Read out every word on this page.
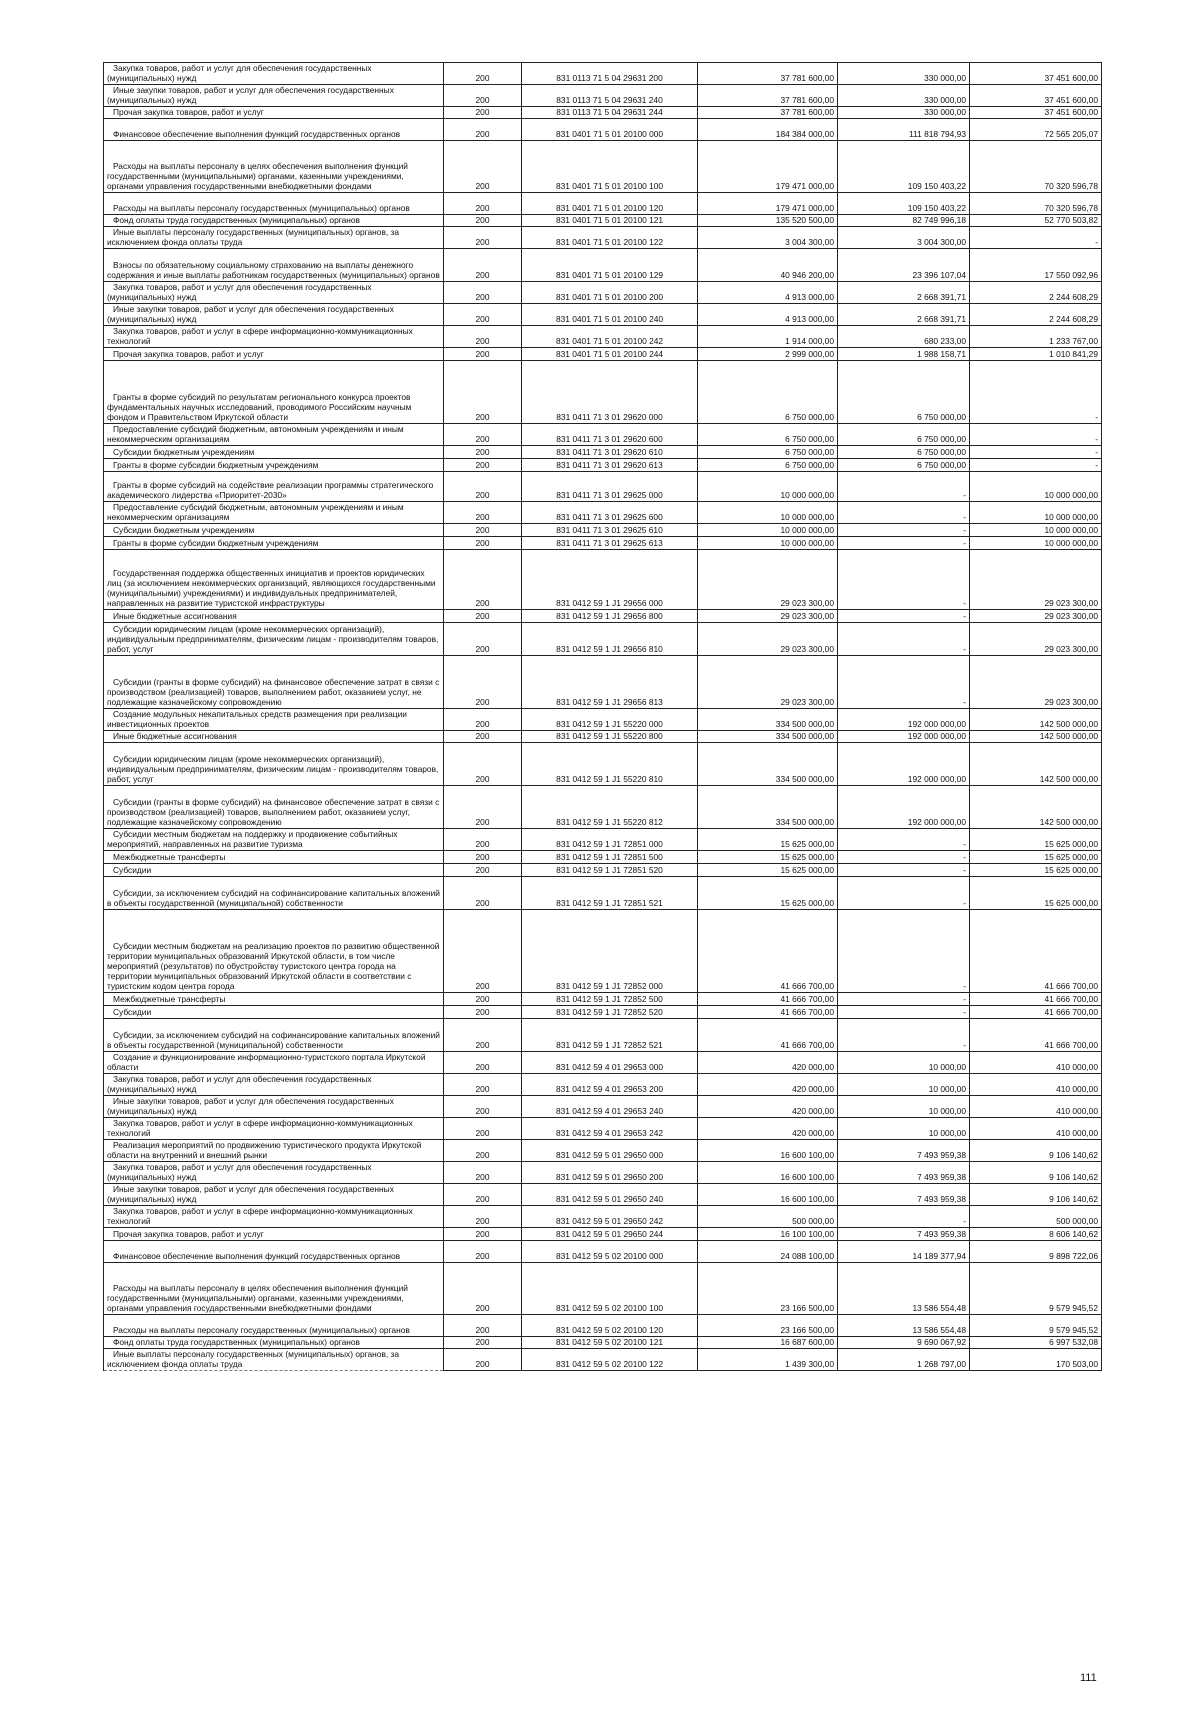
Закупка товаров, работ и услуг для обеспечения государственных (муниципальных) нужд	200	831 0113 71 5 04 29631 200	37 781 600,00	330 000,00	37 451 600,00
Иные закупки товаров, работ и услуг для обеспечения государственных (муниципальных) нужд	200	831 0113 71 5 04 29631 240	37 781 600,00	330 000,00	37 451 600,00
Прочая закупка товаров, работ и услуг	200	831 0113 71 5 04 29631 244	37 781 600,00	330 000,00	37 451 600,00
Финансовое обеспечение выполнения функций государственных органов	200	831 0401 71 5 01 20100 000	184 384 000,00	111 818 794,93	72 565 205,07
Расходы на выплаты персоналу в целях обеспечения выполнения функций государственными (муниципальными) органами, казенными учреждениями, органами управления государственными внебюджетными фондами	200	831 0401 71 5 01 20100 100	179 471 000,00	109 150 403,22	70 320 596,78
Расходы на выплаты персоналу государственных (муниципальных) органов	200	831 0401 71 5 01 20100 120	179 471 000,00	109 150 403,22	70 320 596,78
Фонд оплаты труда государственных (муниципальных) органов	200	831 0401 71 5 01 20100 121	135 520 500,00	82 749 996,18	52 770 503,82
Иные выплаты персоналу государственных (муниципальных) органов, за исключением фонда оплаты труда	200	831 0401 71 5 01 20100 122	3 004 300,00	3 004 300,00	-
Взносы по обязательному социальному страхованию на выплаты денежного содержания и иные выплаты работникам государственных (муниципальных) органов	200	831 0401 71 5 01 20100 129	40 946 200,00	23 396 107,04	17 550 092,96
Закупка товаров, работ и услуг для обеспечения государственных (муниципальных) нужд	200	831 0401 71 5 01 20100 200	4 913 000,00	2 668 391,71	2 244 608,29
Иные закупки товаров, работ и услуг для обеспечения государственных (муниципальных) нужд	200	831 0401 71 5 01 20100 240	4 913 000,00	2 668 391,71	2 244 608,29
Закупка товаров, работ и услуг в сфере информационно-коммуникационных технологий	200	831 0401 71 5 01 20100 242	1 914 000,00	680 233,00	1 233 767,00
Прочая закупка товаров, работ и услуг	200	831 0401 71 5 01 20100 244	2 999 000,00	1 988 158,71	1 010 841,29
Гранты в форме субсидий по результатам регионального конкурса проектов фундаментальных научных исследований, проводимого Российским научным фондом и Правительством Иркутской области	200	831 0411 71 3 01 29620 000	6 750 000,00	6 750 000,00	-
Предоставление субсидий бюджетным, автономным учреждениям и иным некоммерческим организациям	200	831 0411 71 3 01 29620 600	6 750 000,00	6 750 000,00	-
Субсидии бюджетным учреждениям	200	831 0411 71 3 01 29620 610	6 750 000,00	6 750 000,00	-
Гранты в форме субсидии бюджетным учреждениям	200	831 0411 71 3 01 29620 613	6 750 000,00	6 750 000,00	-
Гранты в форме субсидий на содействие реализации программы стратегического академического лидерства «Приоритет-2030»	200	831 0411 71 3 01 29625 000	10 000 000,00	-	10 000 000,00
Предоставление субсидий бюджетным, автономным учреждениям и иным некоммерческим организациям	200	831 0411 71 3 01 29625 600	10 000 000,00	-	10 000 000,00
Субсидии бюджетным учреждениям	200	831 0411 71 3 01 29625 610	10 000 000,00	-	10 000 000,00
Гранты в форме субсидии бюджетным учреждениям	200	831 0411 71 3 01 29625 613	10 000 000,00	-	10 000 000,00
Государственная поддержка общественных инициатив и проектов юридических лиц (за исключением некоммерческих организаций, являющихся государственными (муниципальными) учреждениями) и индивидуальных предпринимателей, направленных на развитие туристской инфраструктуры	200	831 0412 59 1 J1 29656 000	29 023 300,00	-	29 023 300,00
Иные бюджетные ассигнования	200	831 0412 59 1 J1 29656 800	29 023 300,00	-	29 023 300,00
Субсидии юридическим лицам (кроме некоммерческих организаций), индивидуальным предпринимателям, физическим лицам - производителям товаров, работ, услуг	200	831 0412 59 1 J1 29656 810	29 023 300,00	-	29 023 300,00
Субсидии (гранты в форме субсидий) на финансовое обеспечение затрат в связи с производством (реализацией) товаров, выполнением работ, оказанием услуг, не подлежащие казначейскому сопровождению	200	831 0412 59 1 J1 29656 813	29 023 300,00	-	29 023 300,00
Создание модульных некапитальных средств размещения при реализации инвестиционных проектов	200	831 0412 59 1 J1 55220 000	334 500 000,00	192 000 000,00	142 500 000,00
Иные бюджетные ассигнования	200	831 0412 59 1 J1 55220 800	334 500 000,00	192 000 000,00	142 500 000,00
Субсидии юридическим лицам (кроме некоммерческих организаций), индивидуальным предпринимателям, физическим лицам - производителям товаров, работ, услуг	200	831 0412 59 1 J1 55220 810	334 500 000,00	192 000 000,00	142 500 000,00
Субсидии (гранты в форме субсидий) на финансовое обеспечение затрат в связи с производством (реализацией) товаров, выполнением работ, оказанием услуг, подлежащие казначейскому сопровождению	200	831 0412 59 1 J1 55220 812	334 500 000,00	192 000 000,00	142 500 000,00
Субсидии местным бюджетам на поддержку и продвижение событийных мероприятий, направленных на развитие туризма	200	831 0412 59 1 J1 72851 000	15 625 000,00	-	15 625 000,00
Межбюджетные трансферты	200	831 0412 59 1 J1 72851 500	15 625 000,00	-	15 625 000,00
Субсидии	200	831 0412 59 1 J1 72851 520	15 625 000,00	-	15 625 000,00
Субсидии, за исключением субсидий на софинансирование капитальных вложений в объекты государственной (муниципальной) собственности	200	831 0412 59 1 J1 72851 521	15 625 000,00	-	15 625 000,00
Субсидии местным бюджетам на реализацию проектов по развитию общественной территории муниципальных образований Иркутской области, в том числе мероприятий (результатов) по обустройству туристского центра города на территории муниципальных образований Иркутской области в соответствии с туристским кодом центра города	200	831 0412 59 1 J1 72852 000	41 666 700,00	-	41 666 700,00
Межбюджетные трансферты	200	831 0412 59 1 J1 72852 500	41 666 700,00	-	41 666 700,00
Субсидии	200	831 0412 59 1 J1 72852 520	41 666 700,00	-	41 666 700,00
Субсидии, за исключением субсидий на софинансирование капитальных вложений в объекты государственной (муниципальной) собственности	200	831 0412 59 1 J1 72852 521	41 666 700,00	-	41 666 700,00
Создание и функционирование информационно-туристского портала Иркутской области	200	831 0412 59 4 01 29653 000	420 000,00	10 000,00	410 000,00
Закупка товаров, работ и услуг для обеспечения государственных (муниципальных) нужд	200	831 0412 59 4 01 29653 200	420 000,00	10 000,00	410 000,00
Иные закупки товаров, работ и услуг для обеспечения государственных (муниципальных) нужд	200	831 0412 59 4 01 29653 240	420 000,00	10 000,00	410 000,00
Закупка товаров, работ и услуг в сфере информационно-коммуникационных технологий	200	831 0412 59 4 01 29653 242	420 000,00	10 000,00	410 000,00
Реализация мероприятий по продвижению туристического продукта Иркутской области на внутренний и внешний рынки	200	831 0412 59 5 01 29650 000	16 600 100,00	7 493 959,38	9 106 140,62
Закупка товаров, работ и услуг для обеспечения государственных (муниципальных) нужд	200	831 0412 59 5 01 29650 200	16 600 100,00	7 493 959,38	9 106 140,62
Иные закупки товаров, работ и услуг для обеспечения государственных (муниципальных) нужд	200	831 0412 59 5 01 29650 240	16 600 100,00	7 493 959,38	9 106 140,62
Закупка товаров, работ и услуг в сфере информационно-коммуникационных технологий	200	831 0412 59 5 01 29650 242	500 000,00	-	500 000,00
Прочая закупка товаров, работ и услуг	200	831 0412 59 5 01 29650 244	16 100 100,00	7 493 959,38	8 606 140,62
Финансовое обеспечение выполнения функций государственных органов	200	831 0412 59 5 02 20100 000	24 088 100,00	14 189 377,94	9 898 722,06
Расходы на выплаты персоналу в целях обеспечения выполнения функций государственными (муниципальными) органами, казенными учреждениями, органами управления государственными внебюджетными фондами	200	831 0412 59 5 02 20100 100	23 166 500,00	13 586 554,48	9 579 945,52
Расходы на выплаты персоналу государственных (муниципальных) органов	200	831 0412 59 5 02 20100 120	23 166 500,00	13 586 554,48	9 579 945,52
Фонд оплаты труда государственных (муниципальных) органов	200	831 0412 59 5 02 20100 121	16 687 600,00	9 690 067,92	6 997 532,08
Иные выплаты персоналу государственных (муниципальных) органов, за исключением фонда оплаты труда	200	831 0412 59 5 02 20100 122	1 439 300,00	1 268 797,00	170 503,00
111
